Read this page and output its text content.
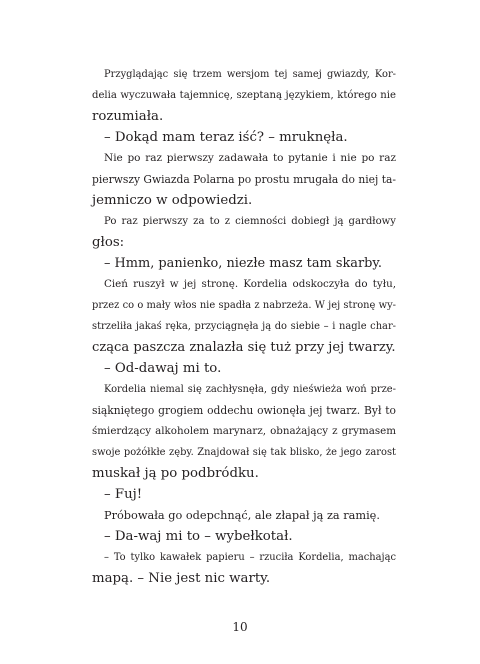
Przyglądając się trzem wersjom tej samej gwiazdy, Kor-
delia wyczuwała tajemnicę, szeptaną językiem, którego nie
rozumiała.
– Dokąd mam teraz iść? – mruknęła.
Nie po raz pierwszy zadawała to pytanie i nie po raz
pierwszy Gwiazda Polarna po prostu mrugała do niej ta-
jemniczo w odpowiedzi.
Po raz pierwszy za to z ciemności dobiegł ją gardłowy
głos:
– Hmm, panienko, niezłe masz tam skarby.
Cień ruszył w jej stronę. Kordelia odskoczyła do tyłu,
przez co o mały włos nie spadła z nabrzeża. W jej stronę wy-
strzeliła jakaś ręka, przyciągnęła ją do siebie – i nagle char-
cząca paszcza znalazła się tuż przy jej twarzy.
– Od-dawaj mi to.
Kordelia niemal się zachłysnęła, gdy nieświeża woń prze-
siąkniętego grogiem oddechu owionęła jej twarz. Był to
śmierdzący alkoholem marynarz, obnażający z grymasem
swoje pożółkłe zęby. Znajdował się tak blisko, że jego zarost
muskał ją po podbródku.
– Fuj!
Próbowała go odepchnąć, ale złapał ją za ramię.
– Da-waj mi to – wybełkotał.
– To tylko kawałek papieru – rzuciła Kordelia, machając
mapą. – Nie jest nic warty.
10
